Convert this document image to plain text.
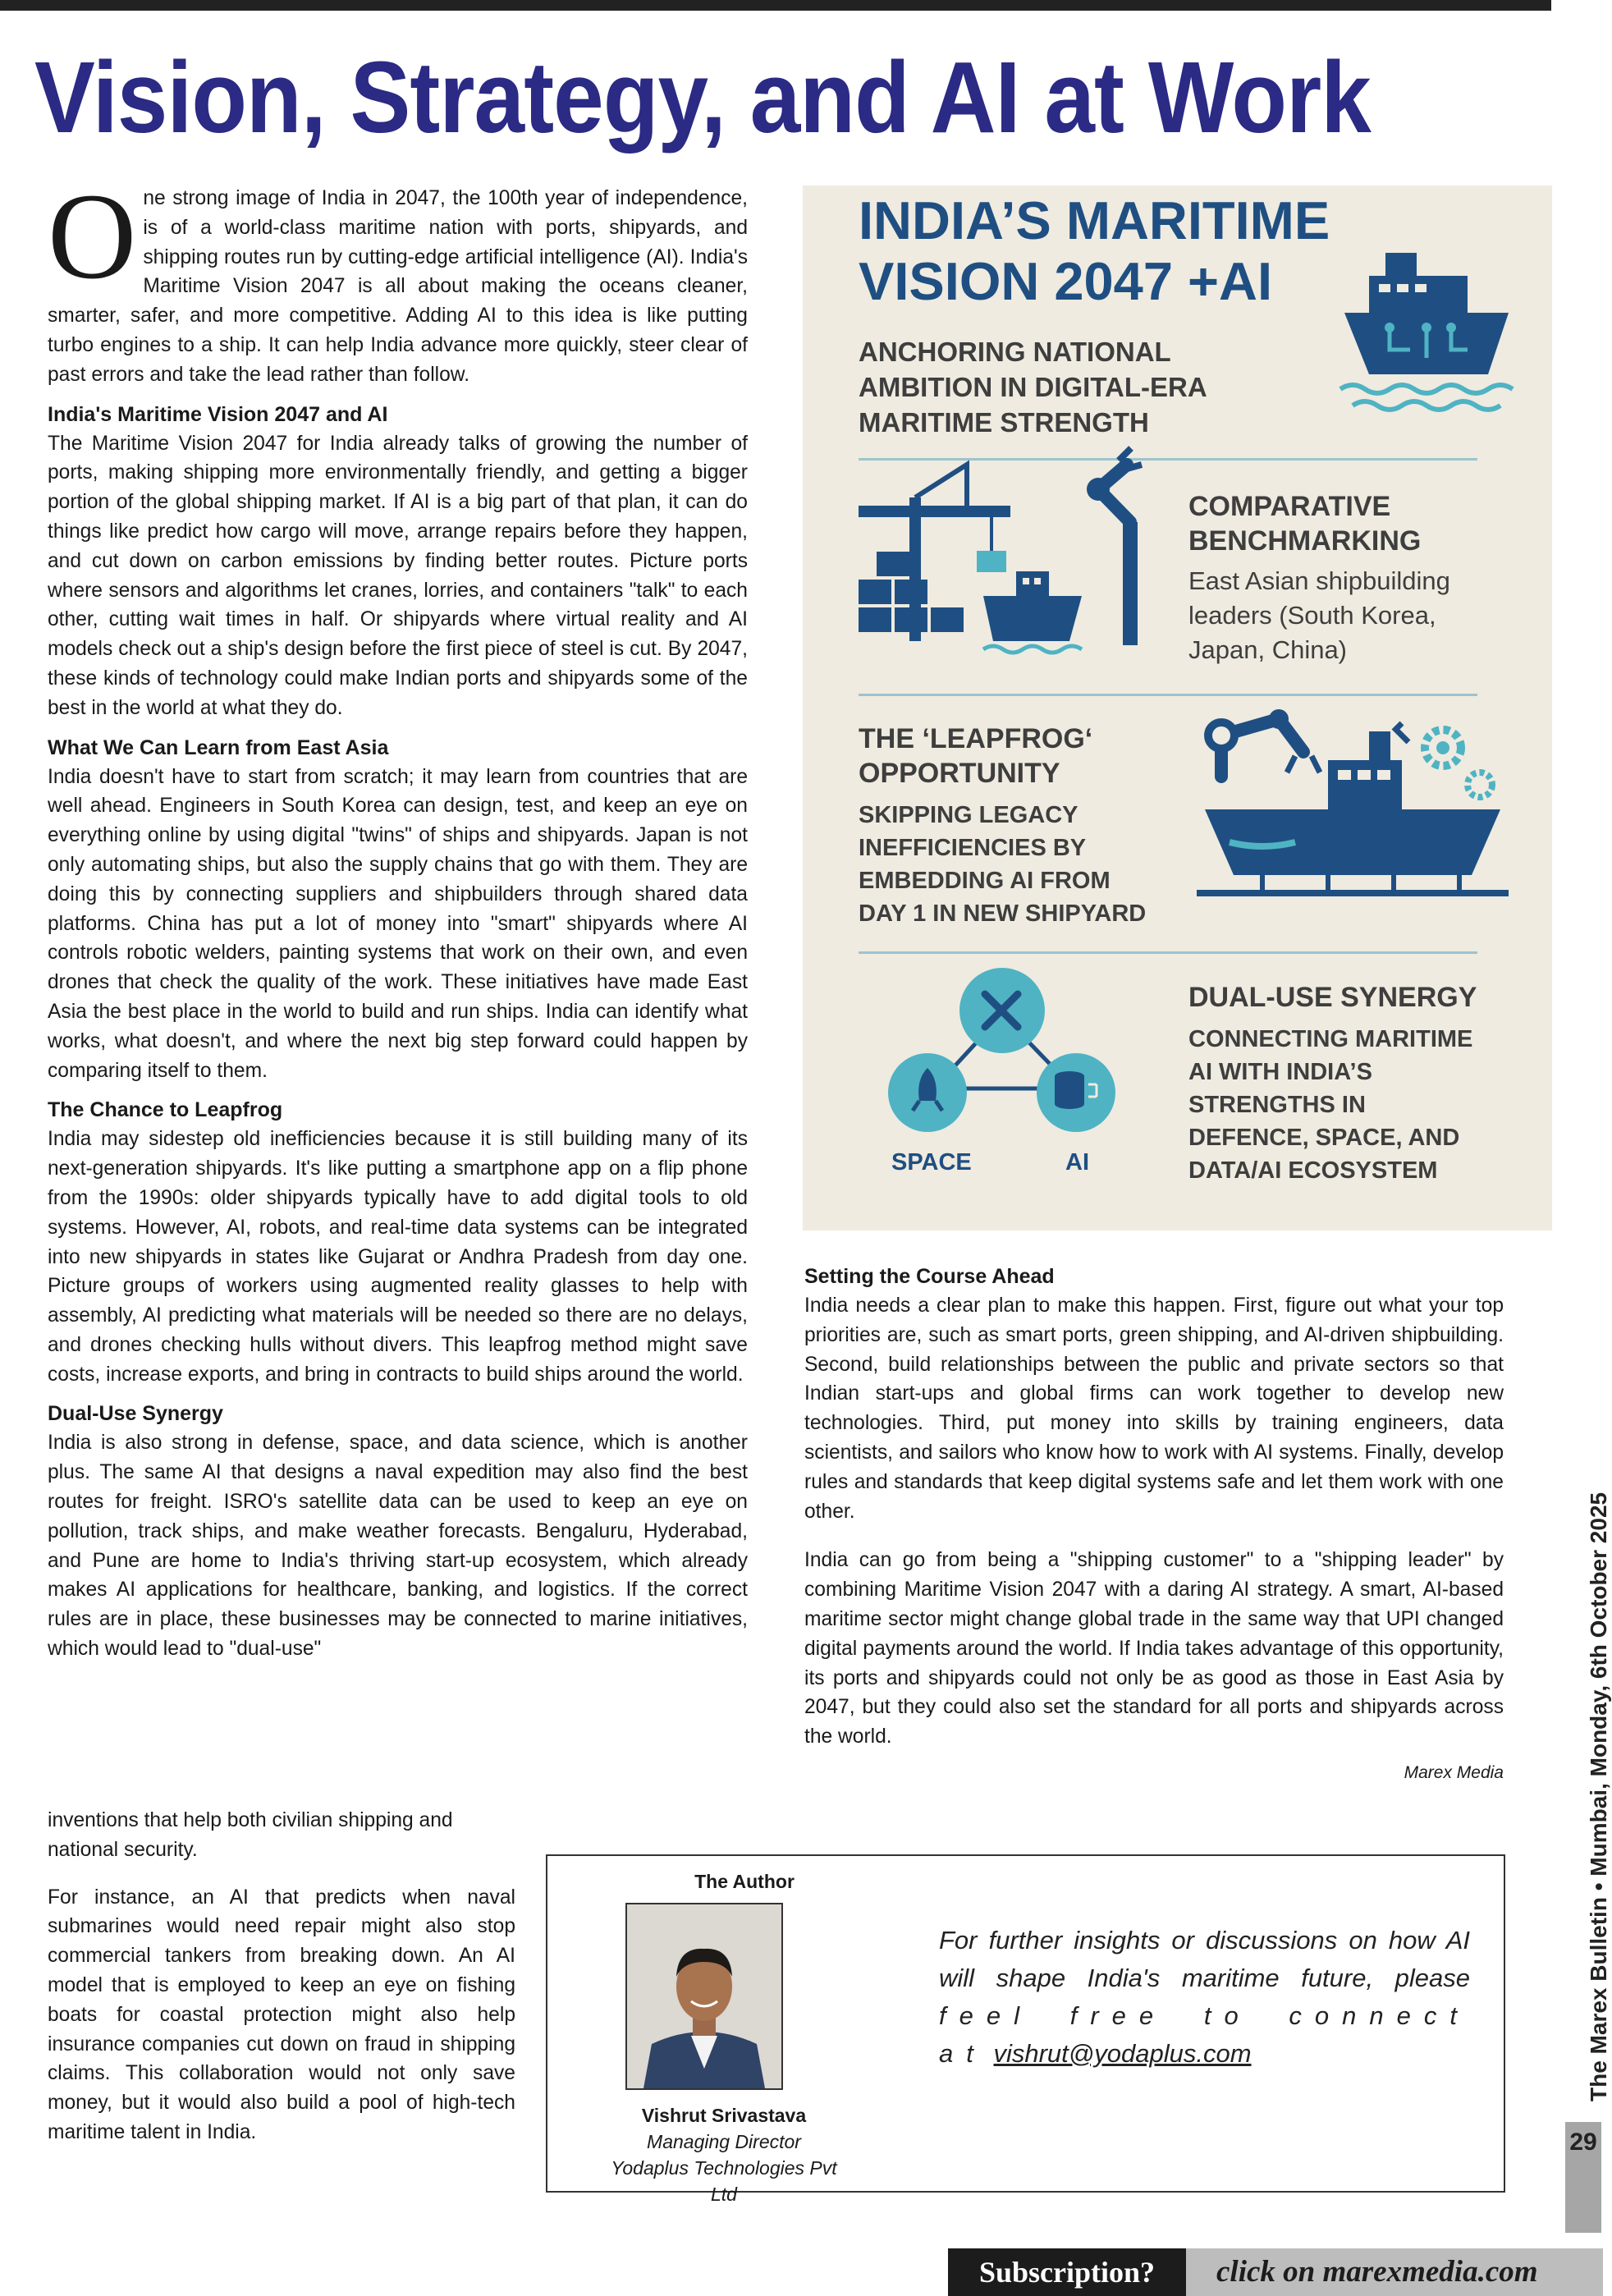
Vision, Strategy, and AI at Work

One strong image of India in 2047, the 100th year of independence, is of a world-class maritime nation with ports, shipyards, and shipping routes run by cutting-edge artificial intelligence (AI). India's Maritime Vision 2047 is all about making the oceans cleaner, smarter, safer, and more competitive. Adding AI to this idea is like putting turbo engines to a ship. It can help India advance more quickly, steer clear of past errors and take the lead rather than follow.

India's Maritime Vision 2047 and AI

The Maritime Vision 2047 for India already talks of growing the number of ports, making shipping more environmentally friendly, and getting a bigger portion of the global shipping market. If AI is a big part of that plan, it can do things like predict how cargo will move, arrange repairs before they happen, and cut down on carbon emissions by finding better routes. Picture ports where sensors and algorithms let cranes, lorries, and containers "talk" to each other, cutting wait times in half. Or shipyards where virtual reality and AI models check out a ship's design before the first piece of steel is cut. By 2047, these kinds of technology could make Indian ports and shipyards some of the best in the world at what they do.

What We Can Learn from East Asia

India doesn't have to start from scratch; it may learn from countries that are well ahead. Engineers in South Korea can design, test, and keep an eye on everything online by using digital "twins" of ships and shipyards. Japan is not only automating ships, but also the supply chains that go with them. They are doing this by connecting suppliers and shipbuilders through shared data platforms. China has put a lot of money into "smart" shipyards where AI controls robotic welders, painting systems that work on their own, and even drones that check the quality of the work. These initiatives have made East Asia the best place in the world to build and run ships. India can identify what works, what doesn't, and where the next big step forward could happen by comparing itself to them.

The Chance to Leapfrog

India may sidestep old inefficiencies because it is still building many of its next-generation shipyards. It's like putting a smartphone app on a flip phone from the 1990s: older shipyards typically have to add digital tools to old systems. However, AI, robots, and real-time data systems can be integrated into new shipyards in states like Gujarat or Andhra Pradesh from day one. Picture groups of workers using augmented reality glasses to help with assembly, AI predicting what materials will be needed so there are no delays, and drones checking hulls without divers. This leapfrog method might save costs, increase exports, and bring in contracts to build ships around the world.

Dual-Use Synergy

India is also strong in defense, space, and data science, which is another plus. The same AI that designs a naval expedition may also find the best routes for freight. ISRO's satellite data can be used to keep an eye on pollution, track ships, and make weather forecasts. Bengaluru, Hyderabad, and Pune are home to India's thriving start-up ecosystem, which already makes AI applications for healthcare, banking, and logistics. If the correct rules are in place, these businesses may be connected to marine initiatives, which would lead to "dual-use"

inventions that help both civilian shipping and national security.

For instance, an AI that predicts when naval submarines would need repair might also stop commercial tankers from breaking down. An AI model that is employed to keep an eye on fishing boats for coastal protection might also help insurance companies cut down on fraud in shipping claims. This collaboration would not only save money, but it would also build a pool of high-tech maritime talent in India.

INDIA’S MARITIME
VISION 2047 +AI
ANCHORING NATIONAL
AMBITION IN DIGITAL-ERA
MARITIME STRENGTH
COMPARATIVE
BENCHMARKING
East Asian shipbuilding
leaders (South Korea,
Japan, China)
THE ‘LEAPFROG‘
OPPORTUNITY
SKIPPING LEGACY
INEFFICIENCIES BY
EMBEDDING AI FROM
DAY 1 IN NEW SHIPYARD
DUAL-USE SYNERGY
CONNECTING MARITIME
AI WITH INDIA’S
STRENGTHS IN
DEFENCE, SPACE, AND
DATA/AI ECOSYSTEM
SPACE	AI
Setting the Course Ahead

India needs a clear plan to make this happen. First, figure out what your top priorities are, such as smart ports, green shipping, and AI-driven shipbuilding. Second, build relationships between the public and private sectors so that Indian start-ups and global firms can work together to develop new technologies. Third, put money into skills by training engineers, data scientists, and sailors who know how to work with AI systems. Finally, develop rules and standards that keep digital systems safe and let them work with one other.

India can go from being a "shipping customer" to a "shipping leader" by combining Maritime Vision 2047 with a daring AI strategy. A smart, AI-based maritime sector might change global trade in the same way that UPI changed digital payments around the world. If India takes advantage of this opportunity, its ports and shipyards could not only be as good as those in East Asia by 2047, but they could also set the standard for all ports and shipyards across the world.

Marex Media
The Author
Vishrut Srivastava
Managing Director
Yodaplus Technologies Pvt Ltd
For further insights or discussions on how AI will shape India's maritime future, please feel free to connect at vishrut@yodaplus.com	The Marex Bulletin • Mumbai, Monday, 6th October 2025
29
Subscription?	click on marexmedia.com
